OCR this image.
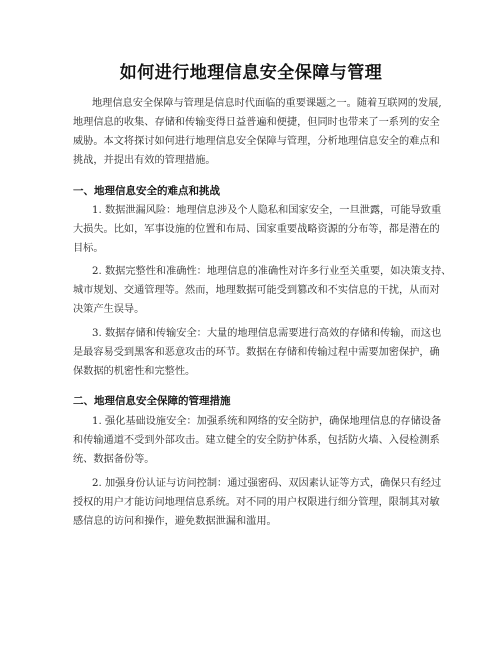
如何进行地理信息安全保障与管理
地理信息安全保障与管理是信息时代面临的重要课题之一。随着互联网的发展,
地理信息的收集、存储和传输变得日益普遍和便捷，但同时也带来了一系列的安全
威胁。本文将探讨如何进行地理信息安全保障与管理，分析地理信息安全的难点和
挑战，并提出有效的管理措施。
一、地理信息安全的难点和挑战
1. 数据泄漏风险：地理信息涉及个人隐私和国家安全，一旦泄露，可能导致重
大损失。比如，军事设施的位置和布局、国家重要战略资源的分布等，都是潜在的
目标。
2. 数据完整性和准确性：地理信息的准确性对许多行业至关重要，如决策支持、
城市规划、交通管理等。然而，地理数据可能受到篡改和不实信息的干扰，从而对
决策产生误导。
3. 数据存储和传输安全：大量的地理信息需要进行高效的存储和传输，而这也
是最容易受到黑客和恶意攻击的环节。数据在存储和传输过程中需要加密保护，确
保数据的机密性和完整性。
二、地理信息安全保障的管理措施
1. 强化基础设施安全：加强系统和网络的安全防护，确保地理信息的存储设备
和传输通道不受到外部攻击。建立健全的安全防护体系，包括防火墙、入侵检测系
统、数据备份等。
2. 加强身份认证与访问控制：通过强密码、双因素认证等方式，确保只有经过
授权的用户才能访问地理信息系统。对不同的用户权限进行细分管理，限制其对敏
感信息的访问和操作，避免数据泄漏和滥用。
